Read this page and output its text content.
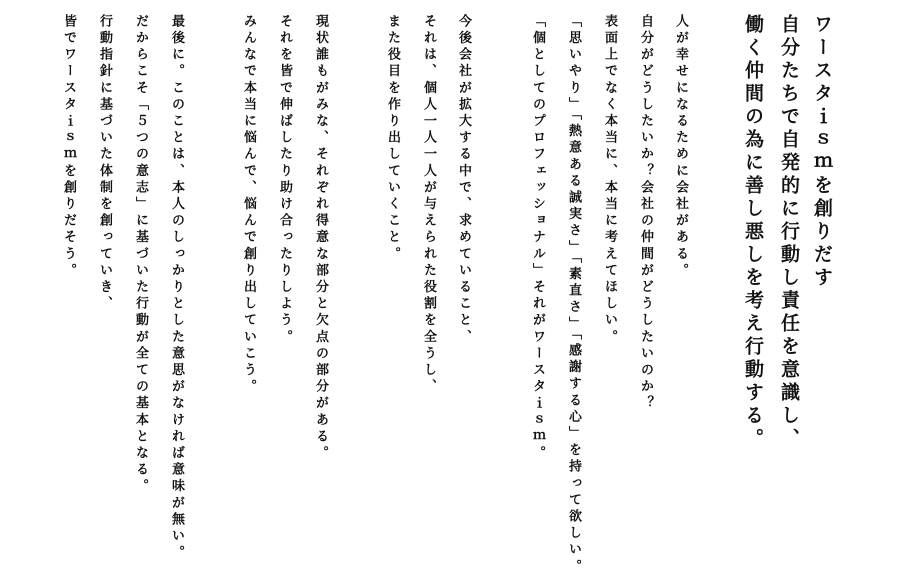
ワースタｉｓｍを創りだす
自分たちで自発的に行動し責任を意識し、
働く仲間の為に善し悪しを考え行動する。

人が幸せになるために会社がある。

自分がどうしたいか？会社の仲間がどうしたいのか？

表面上でなく本当に、本当に考えてほしい。

「思いやり」「熱意ある誠実さ」「素直さ」「感謝する心」を持って欲しい。

「個としてのプロフェッショナル」それがワースタｉｓｍ。

今後会社が拡大する中で、求めていること、

それは、個人一人一人が与えられた役割を全うし、

また役目を作り出していくこと。

現状誰もがみな、それぞれ得意な部分と欠点の部分がある。

それを皆で伸ばしたり助け合ったりしよう。

みんなで本当に悩んで、悩んで創り出していこう。

最後に。このことは、本人のしっかりとした意思がなければ意味が無い。

だからこそ「５つの意志」に基づいた行動が全ての基本となる。

行動指針に基づいた体制を創っていき、

皆でワースタｉｓｍを創りだそう。
